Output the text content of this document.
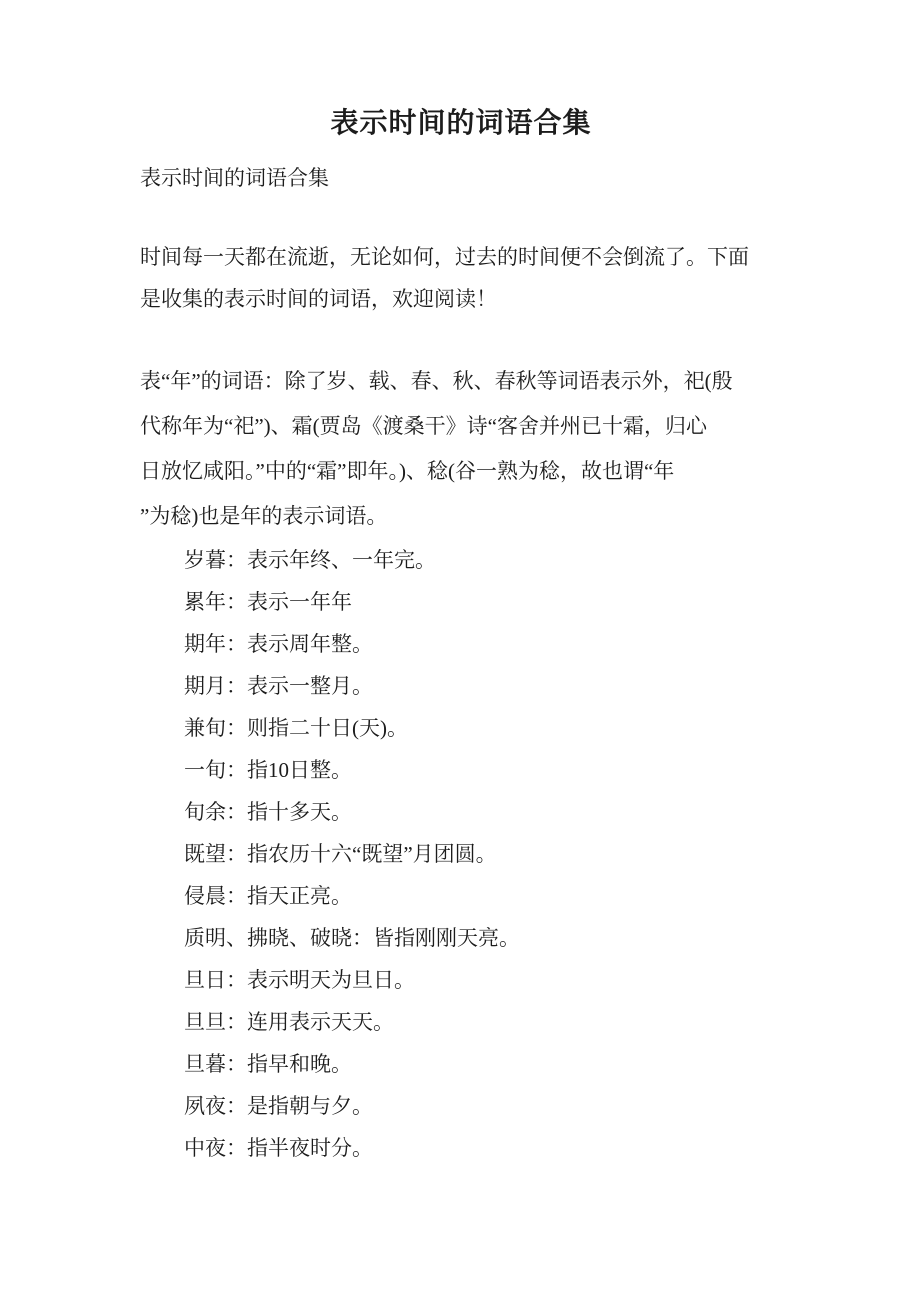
表示时间的词语合集

表示时间的词语合集

时间每一天都在流逝，无论如何，过去的时间便不会倒流了。下面
是收集的表示时间的词语，欢迎阅读！
表“年”的词语：除了岁、载、春、秋、春秋等词语表示外，祀(殷
代称年为“祀”)、霜(贾岛《渡桑干》诗“客舍并州已十霜，归心
日放忆咸阳。”中的“霜”即年。)、稔(谷一熟为稔，故也谓“年
”为稔)也是年的表示词语。
岁暮：表示年终、一年完。
累年：表示一年年
期年：表示周年整。
期月：表示一整月。
兼旬：则指二十日(天)。
一旬：指10日整。
旬余：指十多天。
既望：指农历十六“既望”月团圆。
侵晨：指天正亮。
质明、拂晓、破晓：皆指刚刚天亮。
旦日：表示明天为旦日。
旦旦：连用表示天天。
旦暮：指早和晚。
夙夜：是指朝与夕。
中夜：指半夜时分。
